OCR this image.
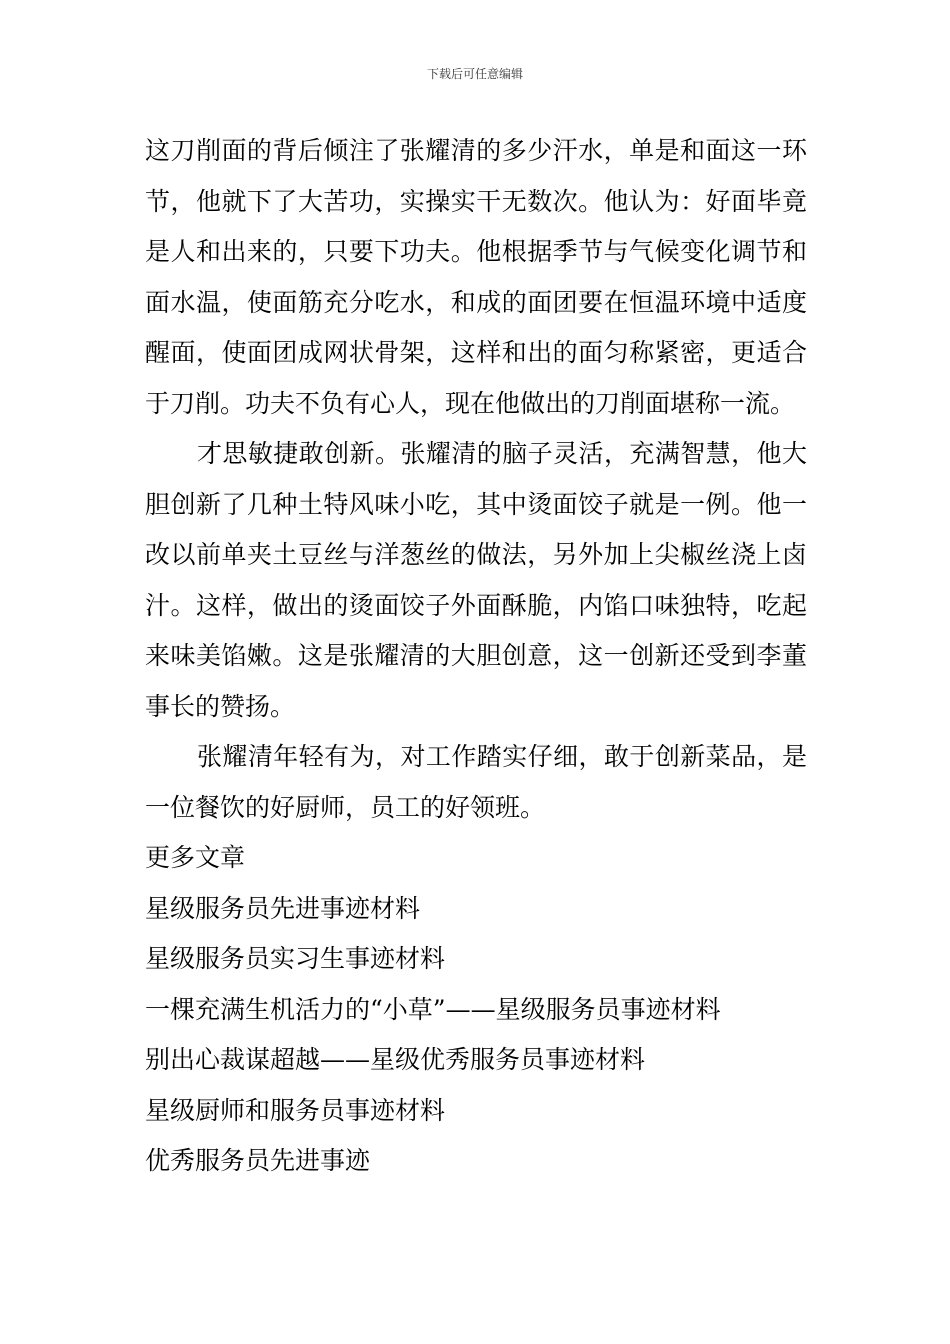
下载后可任意编辑

这刀削面的背后倾注了张耀清的多少汗水，单是和面这一环节，他就下了大苦功，实操实干无数次。他认为：好面毕竟是人和出来的，只要下功夫。他根据季节与气候变化调节和面水温，使面筋充分吃水，和成的面团要在恒温环境中适度醒面，使面团成网状骨架，这样和出的面匀称紧密，更适合于刀削。功夫不负有心人，现在他做出的刀削面堪称一流。

才思敏捷敢创新。张耀清的脑子灵活，充满智慧，他大胆创新了几种土特风味小吃，其中烫面饺子就是一例。他一改以前单夹土豆丝与洋葱丝的做法，另外加上尖椒丝浇上卤汁。这样，做出的烫面饺子外面酥脆，内馅口味独特，吃起来味美馅嫩。这是张耀清的大胆创意，这一创新还受到李董事长的赞扬。

张耀清年轻有为，对工作踏实仔细，敢于创新菜品，是一位餐饮的好厨师，员工的好领班。

更多文章

星级服务员先进事迹材料
星级服务员实习生事迹材料
一棵充满生机活力的“小草”——星级服务员事迹材料
别出心裁谋超越——星级优秀服务员事迹材料
星级厨师和服务员事迹材料
优秀服务员先进事迹
